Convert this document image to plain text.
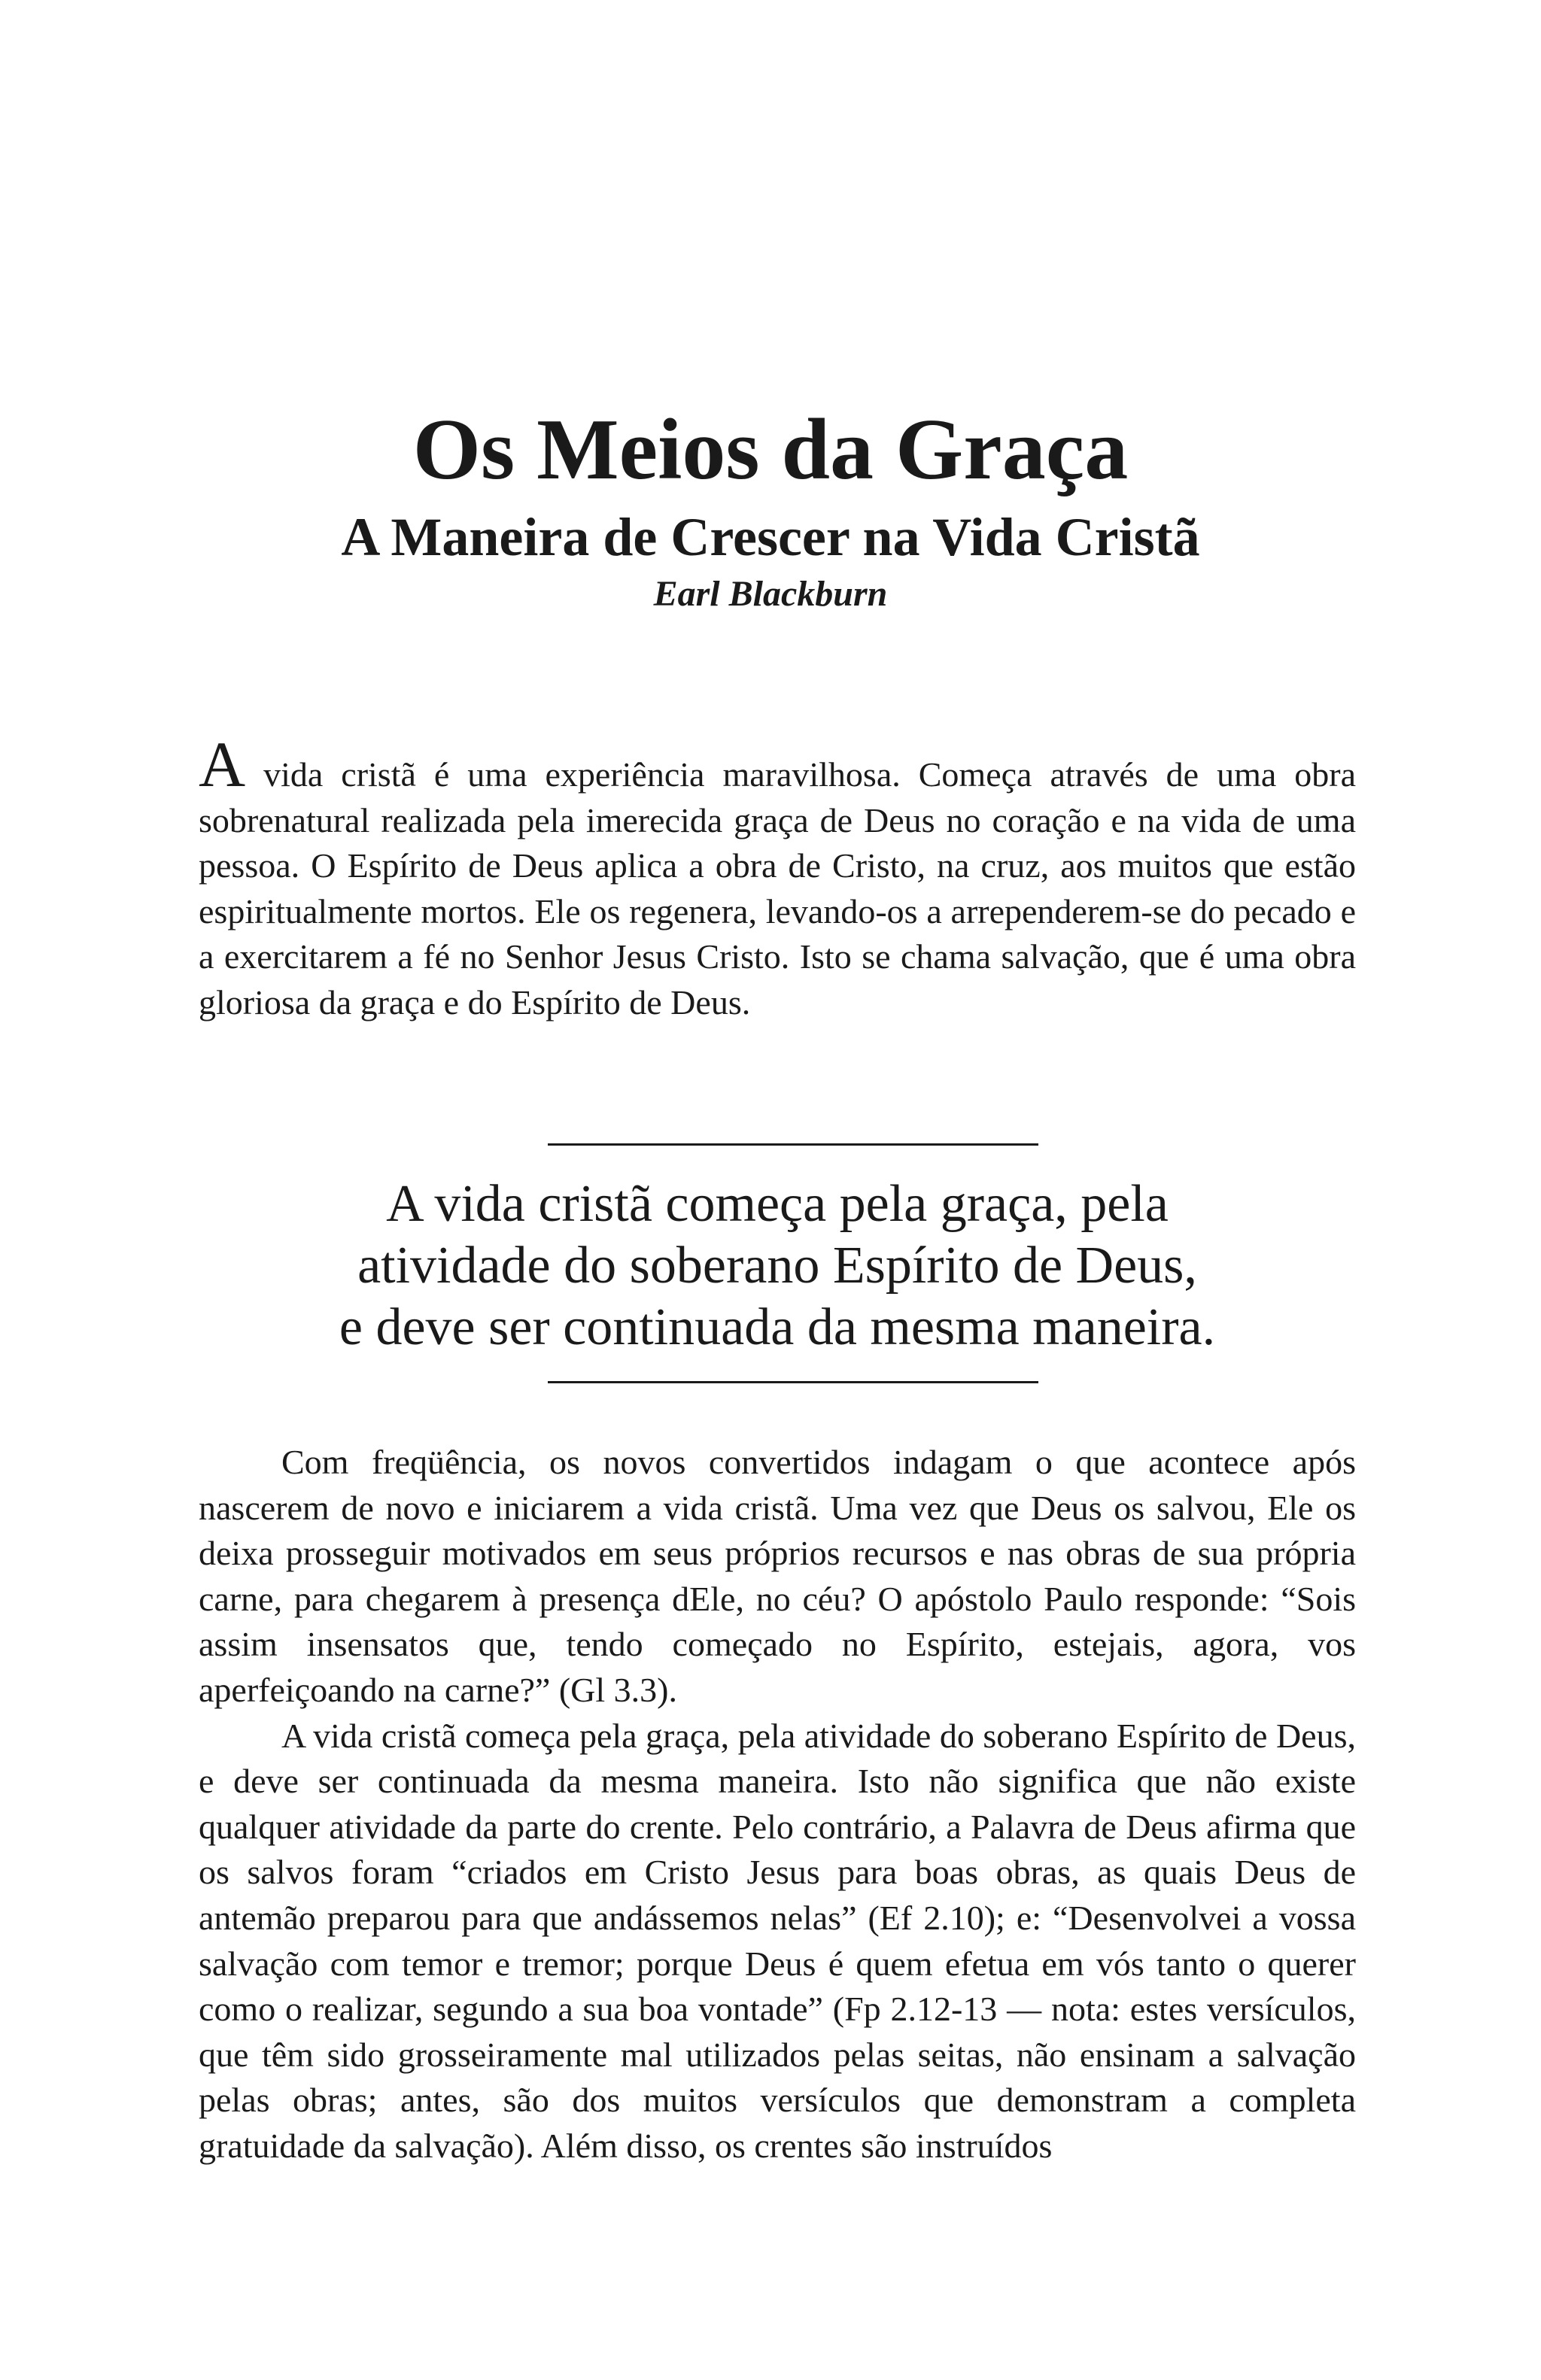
Os Meios da Graça
A Maneira de Crescer na Vida Cristã
Earl Blackburn

A vida cristã é uma experiência maravilhosa. Começa através de uma obra sobrenatural realizada pela imerecida graça de Deus no coração e na vida de uma pessoa. O Espírito de Deus aplica a obra de Cristo, na cruz, aos muitos que estão espiritualmente mortos. Ele os regenera, levando-os a arrependerem-se do pecado e a exercitarem a fé no Senhor Jesus Cristo. Isto se chama salvação, que é uma obra gloriosa da graça e do Espírito de Deus.

A vida cristã começa pela graça, pela
atividade do soberano Espírito de Deus,
e deve ser continuada da mesma maneira.

Com freqüência, os novos convertidos indagam o que acontece após nascerem de novo e iniciarem a vida cristã. Uma vez que Deus os salvou, Ele os deixa prosseguir motivados em seus próprios recursos e nas obras de sua própria carne, para chegarem à presença dEle, no céu? O apóstolo Paulo responde: “Sois assim insensatos que, tendo começado no Espírito, estejais, agora, vos aperfeiçoando na carne?” (Gl 3.3).

A vida cristã começa pela graça, pela atividade do soberano Espírito de Deus, e deve ser continuada da mesma maneira. Isto não significa que não existe qualquer atividade da parte do crente. Pelo contrário, a Palavra de Deus afirma que os salvos foram “criados em Cristo Jesus para boas obras, as quais Deus de antemão preparou para que andássemos nelas” (Ef 2.10); e: “Desenvolvei a vossa salvação com temor e tremor; porque Deus é quem efetua em vós tanto o querer como o realizar, segundo a sua boa vontade” (Fp 2.12-13 — nota: estes versículos, que têm sido grosseiramente mal utilizados pelas seitas, não ensinam a salvação pelas obras; antes, são dos muitos versículos que demonstram a completa gratuidade da salvação). Além disso, os crentes são instruídos
